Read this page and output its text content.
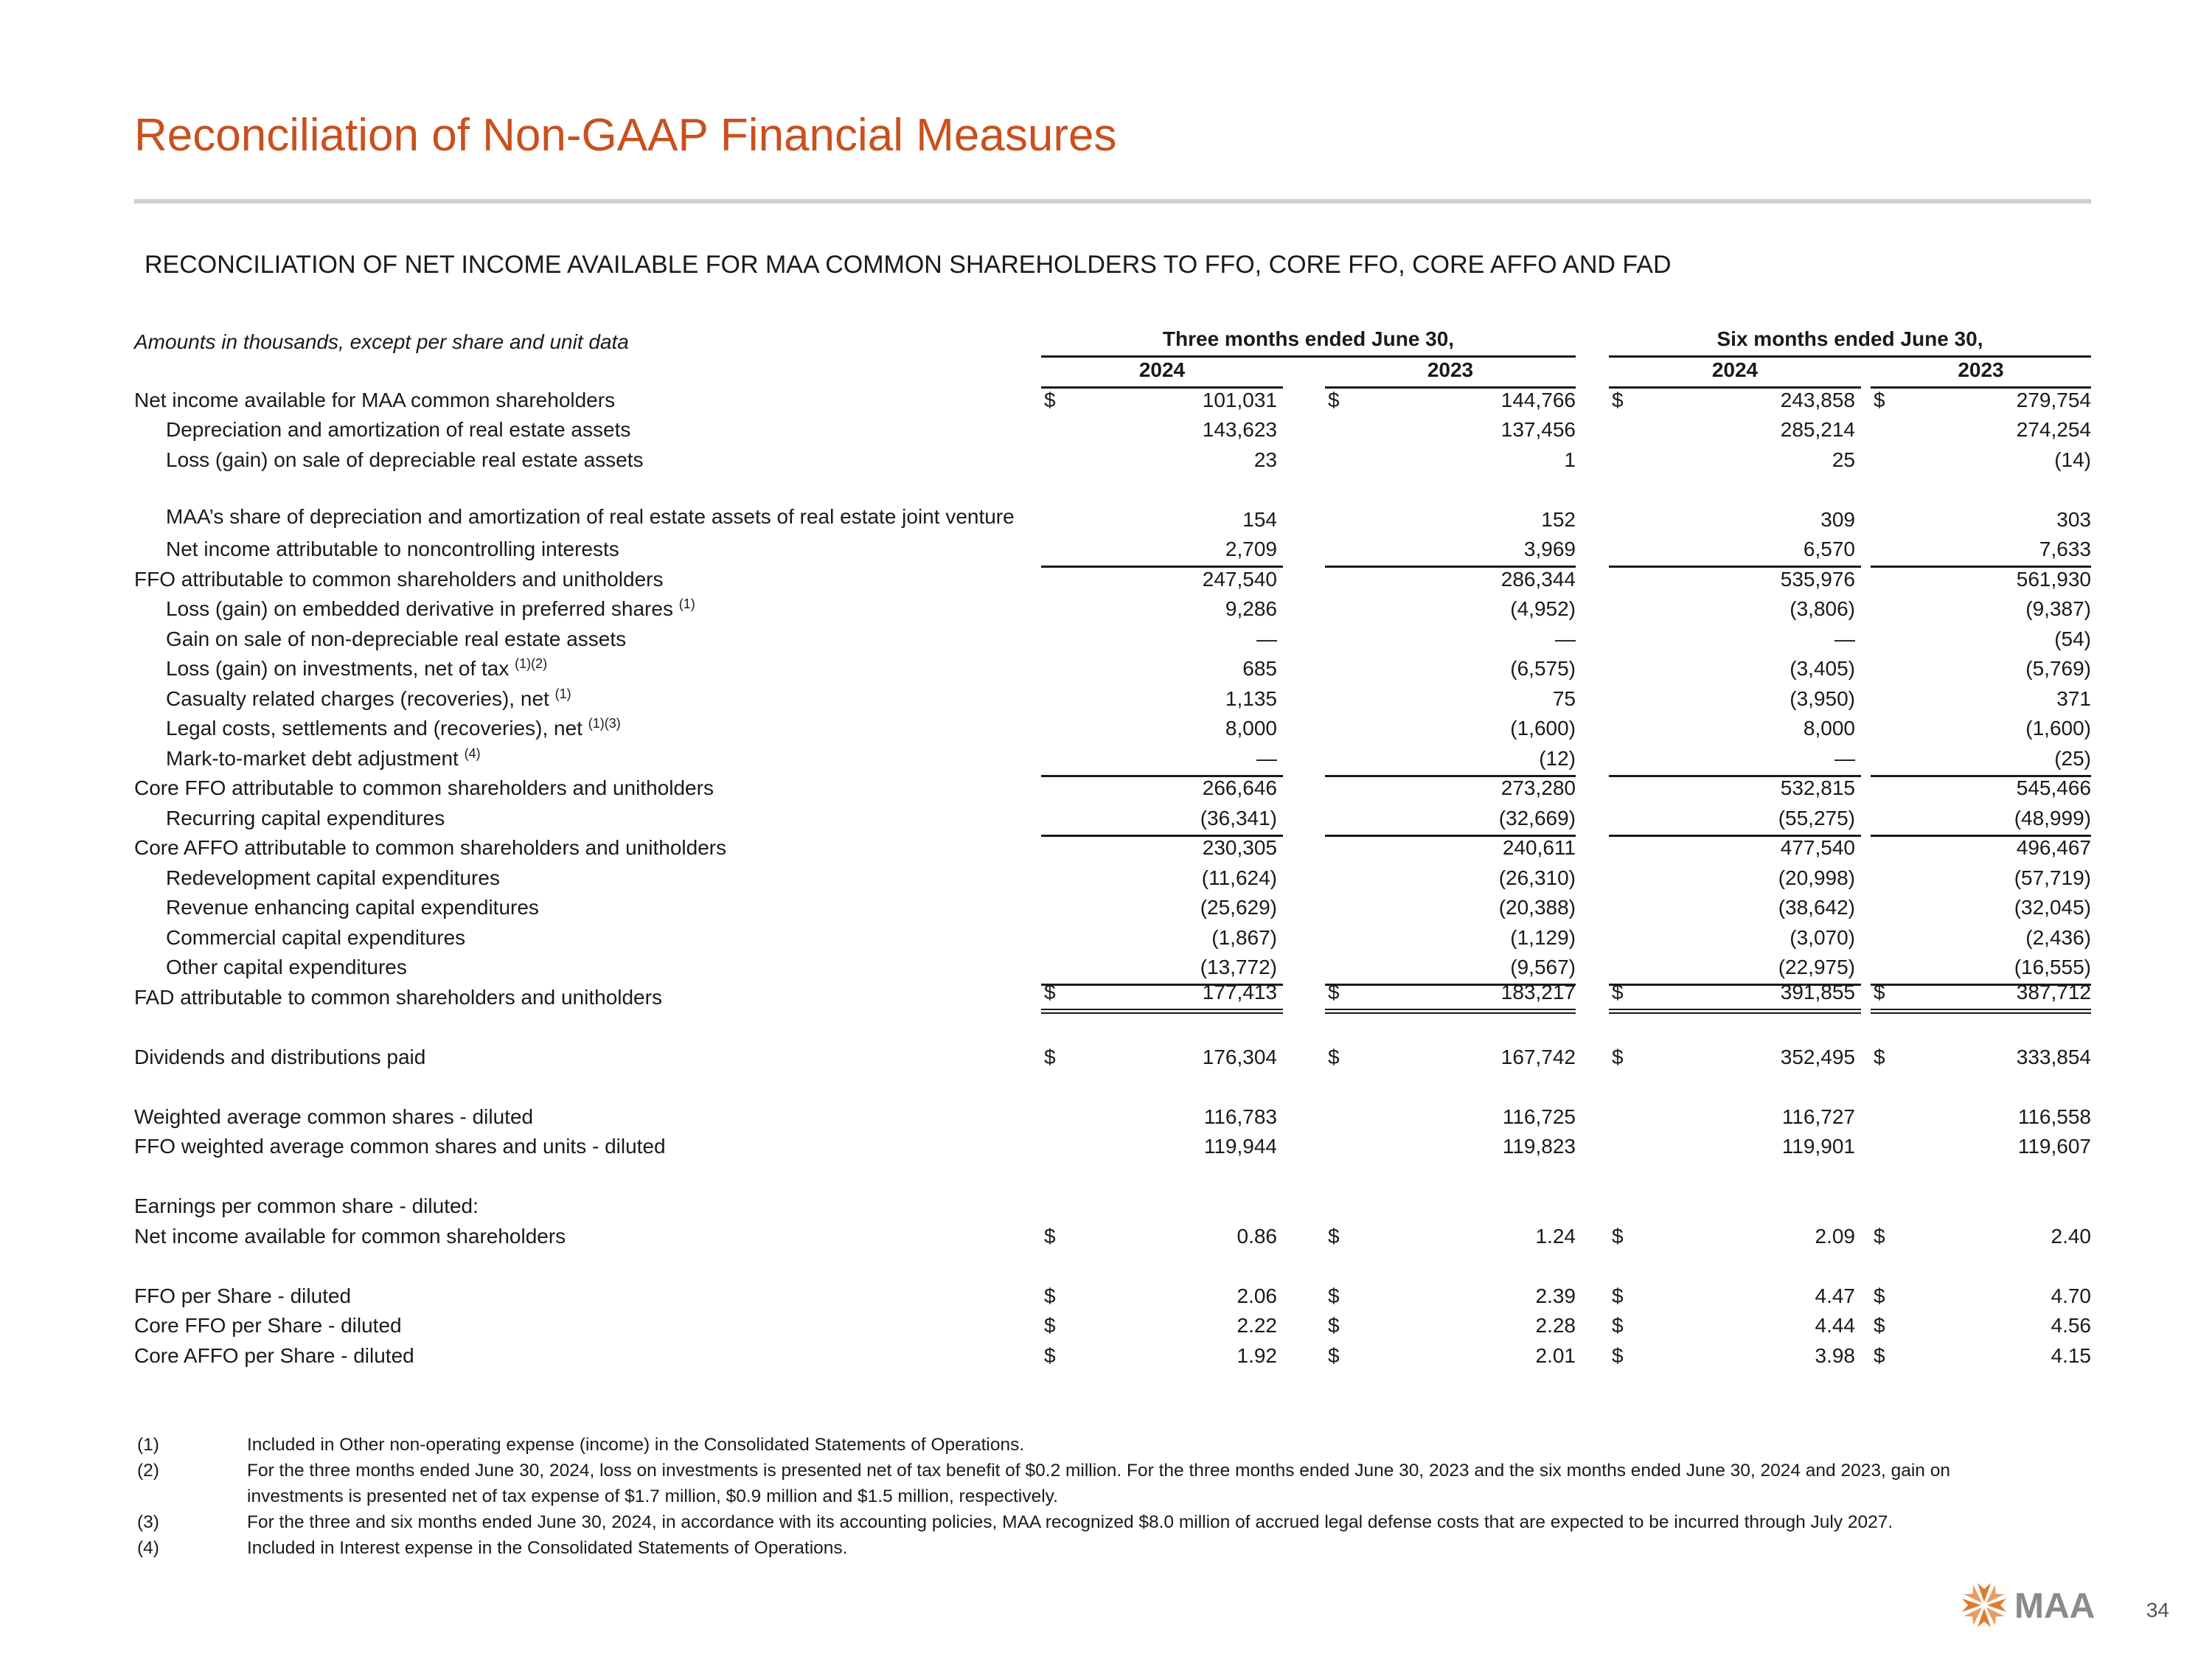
Reconciliation of Non-GAAP Financial Measures
RECONCILIATION OF NET INCOME AVAILABLE FOR MAA COMMON SHAREHOLDERS TO FFO, CORE FFO, CORE AFFO AND FAD
Amounts in thousands, except per share and unit data	Three months ended June 30,	Six months ended June 30,
2024	2023	2024	2023
Net income available for MAA common shareholders	$	101,031 $	144,766 $	243,858 $	279,754
Depreciation and amortization of real estate assets	143,623	137,456	285,214	274,254
Loss (gain) on sale of depreciable real estate assets	23	1	25	(14)
MAA’s share of depreciation and amortization of real estate assets of real estate joint venture	154	152	309	303
Net income attributable to noncontrolling interests	2,709	3,969	6,570	7,633
FFO attributable to common shareholders and unitholders	247,540	286,344	535,976	561,930
Loss (gain) on embedded derivative in preferred shares $^{(1)}$	9,286	(4,952)	(3,806)	(9,387)
Gain on sale of non-depreciable real estate assets	—	—	—	(54)
Loss (gain) on investments, net of tax $^{(1)(2)}$	685	(6,575)	(3,405)	(5,769)
Casualty related charges (recoveries), net $^{(1)}$	1,135	75	(3,950)	371
Legal costs, settlements and (recoveries), net $^{(1)(3)}$	8,000	(1,600)	8,000	(1,600)
Mark-to-market debt adjustment $^{(4)}$	—	(12)	—	(25)
Core FFO attributable to common shareholders and unitholders	266,646	273,280	532,815	545,466
Recurring capital expenditures	(36,341)	(32,669)	(55,275)	(48,999)
Core AFFO attributable to common shareholders and unitholders	230,305	240,611	477,540	496,467
Redevelopment capital expenditures	(11,624)	(26,310)	(20,998)	(57,719)
Revenue enhancing capital expenditures	(25,629)	(20,388)	(38,642)	(32,045)
Commercial capital expenditures	(1,867)	(1,129)	(3,070)	(2,436)
Other capital expenditures	(13,772)	(9,567)	(22,975)	(16,555)
FAD attributable to common shareholders and unitholders	$	177,413 $	183,217 $	391,855 $	387,712
Dividends and distributions paid	$	176,304 $	167,742 $	352,495 $	333,854
Weighted average common shares - diluted	116,783	116,725	116,727	116,558
FFO weighted average common shares and units - diluted	119,944	119,823	119,901	119,607
Earnings per common share - diluted:
Net income available for common shareholders	$	0.86 $	1.24 $	2.09 $	2.40
FFO per Share - diluted	$	2.06 $	2.39 $	4.47 $	4.70
Core FFO per Share - diluted	$	2.22 $	2.28 $	4.44 $	4.56
Core AFFO per Share - diluted	$	1.92 $	2.01 $	3.98 $	4.15
(1)	Included in Other non-operating expense (income) in the Consolidated Statements of Operations.
(2)	For the three months ended June 30, 2024, loss on investments is presented net of tax benefit of $0.2 million. For the three months ended June 30, 2023 and the six months ended June 30, 2024 and 2023, gain on investments is presented net of tax expense of $1.7 million, $0.9 million and $1.5 million, respectively.
(3)	For the three and six months ended June 30, 2024, in accordance with its accounting policies, MAA recognized $8.0 million of accrued legal defense costs that are expected to be incurred through July 2027.
(4)	Included in Interest expense in the Consolidated Statements of Operations.
MAA 34
